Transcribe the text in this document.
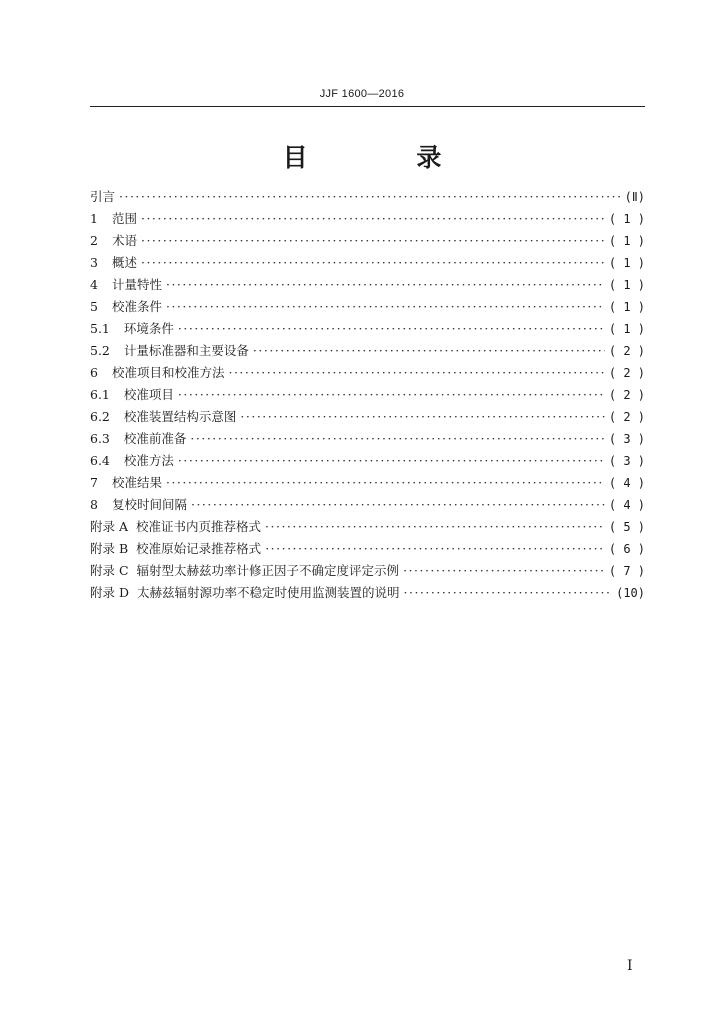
JJF 1600—2016
目 录
引言 ·····	(Ⅱ)
1 范围 ·····	( 1 )
2 术语 ·····	( 1 )
3 概述 ·····	( 1 )
4 计量特性 ·····	( 1 )
5 校准条件 ·····	( 1 )
5.1 环境条件 ·····	( 1 )
5.2 计量标准器和主要设备 ·····	( 2 )
6 校准项目和校准方法 ·····	( 2 )
6.1 校准项目 ·····	( 2 )
6.2 校准装置结构示意图 ·····	( 2 )
6.3 校准前准备 ·····	( 3 )
6.4 校准方法 ·····	( 3 )
7 校准结果 ·····	( 4 )
8 复校时间间隔 ·····	( 4 )
附录 A 校准证书内页推荐格式 ·····	( 5 )
附录 B 校准原始记录推荐格式 ·····	( 6 )
附录 C 辐射型太赫兹功率计修正因子不确定度评定示例 ·····	( 7 )
附录 D 太赫兹辐射源功率不稳定时使用监测装置的说明 ·····	(10)
Ⅰ
